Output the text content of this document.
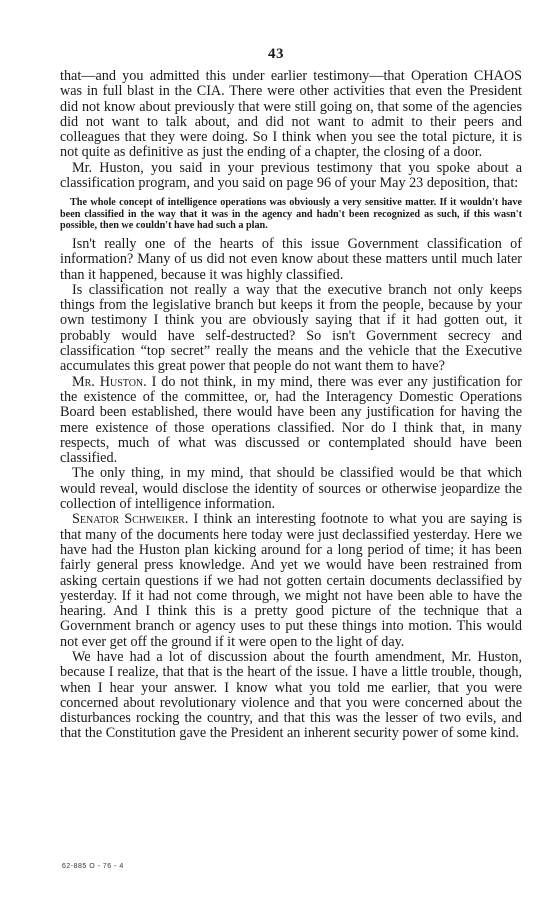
43

that—and you admitted this under earlier testimony—that Operation CHAOS was in full blast in the CIA. There were other activities that even the President did not know about previously that were still going on, that some of the agencies did not want to talk about, and did not want to admit to their peers and colleagues that they were doing. So I think when you see the total picture, it is not quite as definitive as just the ending of a chapter, the closing of a door.

Mr. Huston, you said in your previous testimony that you spoke about a classification program, and you said on page 96 of your May 23 deposition, that:

The whole concept of intelligence operations was obviously a very sensitive matter. If it wouldn't have been classified in the way that it was in the agency and hadn't been recognized as such, if this wasn't possible, then we couldn't have had such a plan.

Isn't really one of the hearts of this issue Government classification of information? Many of us did not even know about these matters until much later than it happened, because it was highly classified.

Is classification not really a way that the executive branch not only keeps things from the legislative branch but keeps it from the people, because by your own testimony I think you are obviously saying that if it had gotten out, it probably would have self-destructed? So isn't Government secrecy and classification “top secret” really the means and the vehicle that the Executive accumulates this great power that people do not want them to have?

Mr. Huston. I do not think, in my mind, there was ever any justification for the existence of the committee, or, had the Interagency Domestic Operations Board been established, there would have been any justification for having the mere existence of those operations classified. Nor do I think that, in many respects, much of what was discussed or contemplated should have been classified.

The only thing, in my mind, that should be classified would be that which would reveal, would disclose the identity of sources or otherwise jeopardize the collection of intelligence information.

Senator Schweiker. I think an interesting footnote to what you are saying is that many of the documents here today were just declassified yesterday. Here we have had the Huston plan kicking around for a long period of time; it has been fairly general press knowledge. And yet we would have been restrained from asking certain questions if we had not gotten certain documents declassified by yesterday. If it had not come through, we might not have been able to have the hearing. And I think this is a pretty good picture of the technique that a Government branch or agency uses to put these things into motion. This would not ever get off the ground if it were open to the light of day.

We have had a lot of discussion about the fourth amendment, Mr. Huston, because I realize, that that is the heart of the issue. I have a little trouble, though, when I hear your answer. I know what you told me earlier, that you were concerned about revolutionary violence and that you were concerned about the disturbances rocking the country, and that this was the lesser of two evils, and that the Constitution gave the President an inherent security power of some kind.

62-885 O - 76 - 4
